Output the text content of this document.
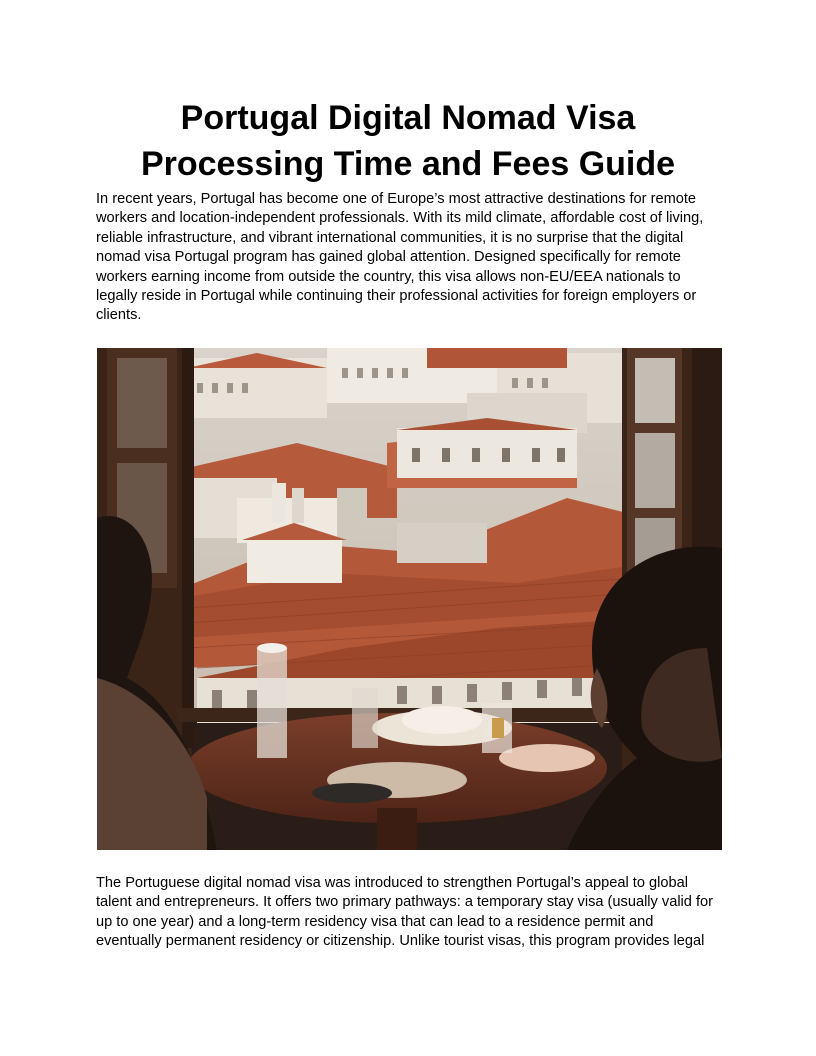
Portugal Digital Nomad Visa
Processing Time and Fees Guide

In recent years, Portugal has become one of Europe’s most attractive destinations for remote workers and location-independent professionals. With its mild climate, affordable cost of living, reliable infrastructure, and vibrant international communities, it is no surprise that the digital nomad visa Portugal program has gained global attention. Designed specifically for remote workers earning income from outside the country, this visa allows non-EU/EEA nationals to legally reside in Portugal while continuing their professional activities for foreign employers or clients.

The Portuguese digital nomad visa was introduced to strengthen Portugal’s appeal to global talent and entrepreneurs. It offers two primary pathways: a temporary stay visa (usually valid for up to one year) and a long-term residency visa that can lead to a residence permit and eventually permanent residency or citizenship. Unlike tourist visas, this program provides legal
